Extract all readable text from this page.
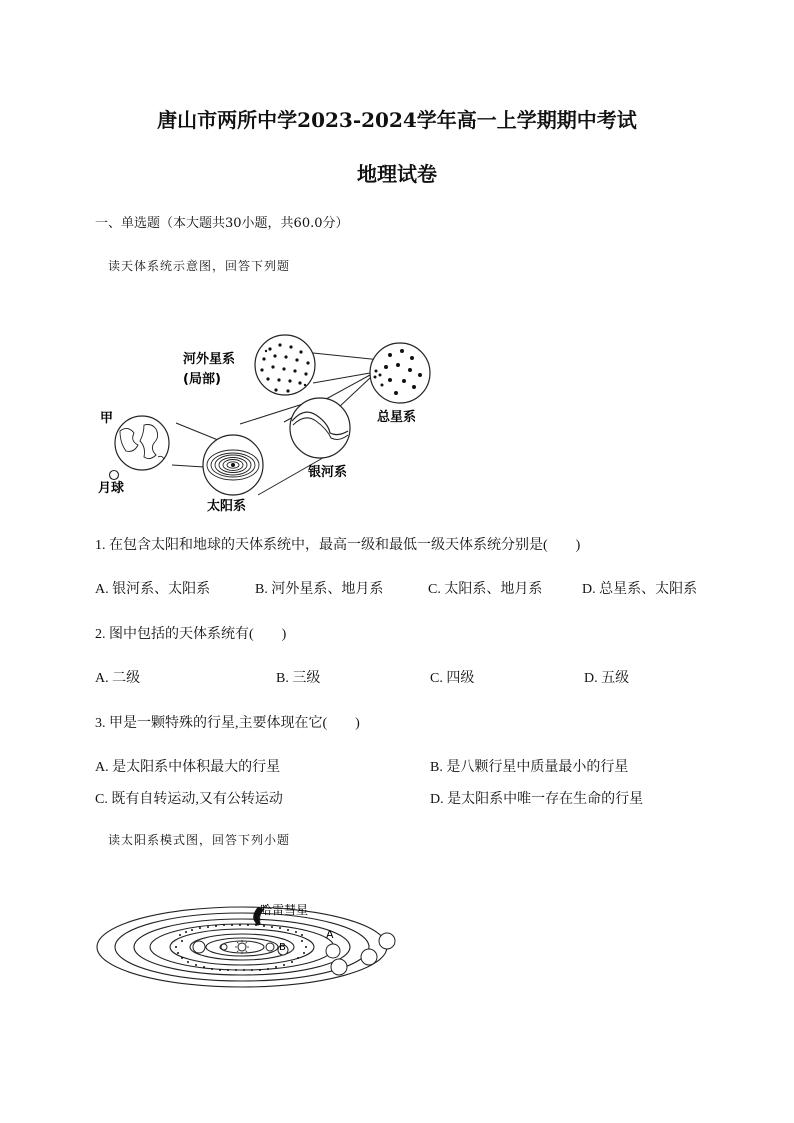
唐山市两所中学2023-2024学年高一上学期期中考试
地理试卷
一、单选题（本大题共30小题，共60.0分）
读天体系统示意图，回答下列题
河外星系
(局部)
总星系
甲
月球
太阳系
银河系
1. 在包含太阳和地球的天体系统中，最高一级和最低一级天体系统分别是(　　)
A. 银河系、太阳系	B. 河外星系、地月系	C. 太阳系、地月系	D. 总星系、太阳系
2. 图中包括的天体系统有(　　)
A. 二级	B. 三级	C. 四级	D. 五级
3. 甲是一颗特殊的行星,主要体现在它(　　)
A. 是太阳系中体积最大的行星	B. 是八颗行星中质量最小的行星
C. 既有自转运动,又有公转运动	D. 是太阳系中唯一存在生命的行星
读太阳系模式图，回答下列小题
哈雷彗星
A
B
